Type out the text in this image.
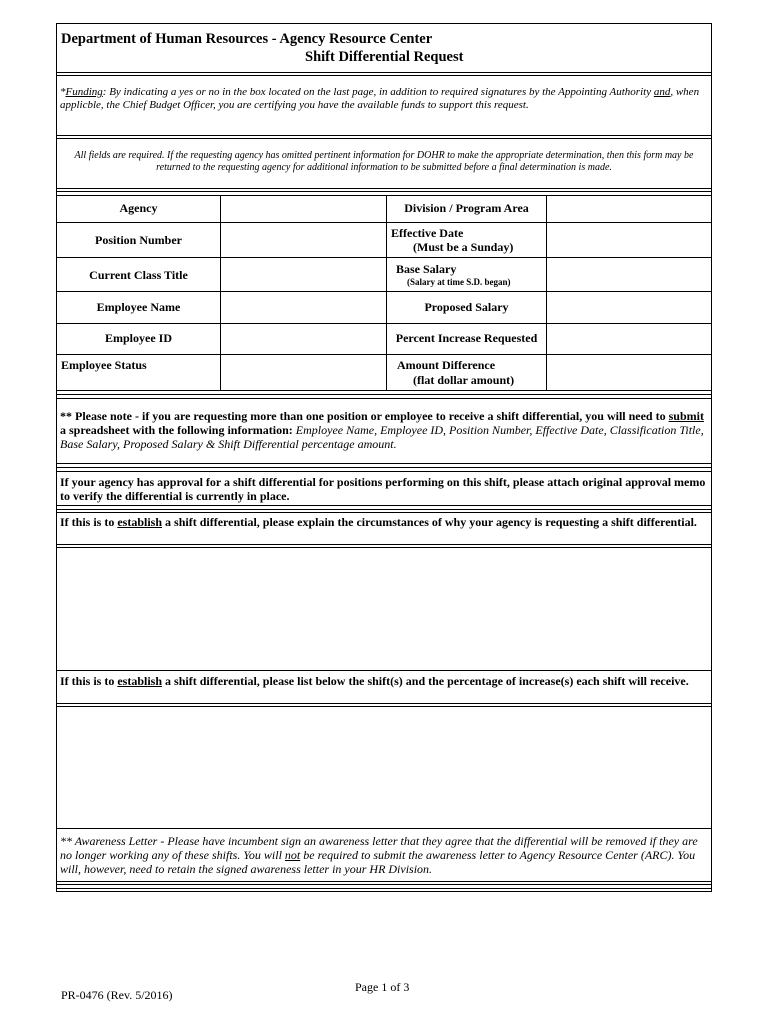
Department of Human Resources - Agency Resource Center
Shift Differential Request
*Funding: By indicating a yes or no in the box located on the last page, in addition to required signatures by the Appointing Authority and, when applicble, the Chief Budget Officer, you are certifying you have the available funds to support this request.
All fields are required. If the requesting agency has omitted pertinent information for DOHR to make the appropriate determination, then this form may be returned to the requesting agency for additional information to be submitted before a final determination is made.
Agency
Position Number
Current Class Title
Employee Name
Employee ID
Employee Status
Division / Program Area
Effective Date
(Must be a Sunday)
Base Salary
(Salary at time S.D. began)
Proposed Salary
Percent Increase Requested
Amount Difference
(flat dollar amount)
** Please note - if you are requesting more than one position or employee to receive a shift differential, you will need to submit a spreadsheet with the following information: Employee Name, Employee ID, Position Number, Effective Date, Classification Title, Base Salary, Proposed Salary & Shift Differential percentage amount.
If your agency has approval for a shift differential for positions performing on this shift, please attach original approval memo to verify the differential is currently in place.
If this is to establish a shift differential, please explain the circumstances of why your agency is requesting a shift differential.
If this is to establish a shift differential, please list below the shift(s) and the percentage of increase(s) each shift will receive.
** Awareness Letter - Please have incumbent sign an awareness letter that they agree that the differential will be removed if they are no longer working any of these shifts. You will not be required to submit the awareness letter to Agency Resource Center (ARC). You will, however, need to retain the signed awareness letter in your HR Division.
Page 1 of 3
PR-0476 (Rev. 5/2016)
